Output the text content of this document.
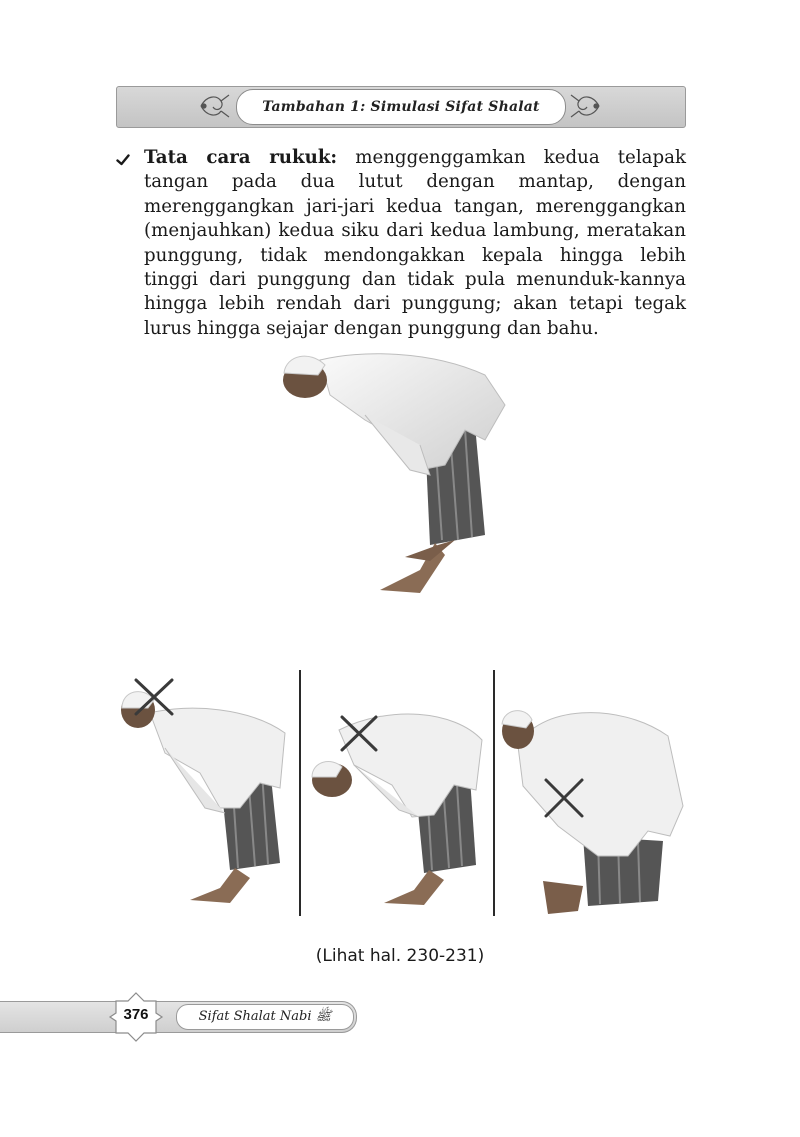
Tambahan 1: Simulasi Sifat Shalat

Tata cara rukuk: menggenggamkan kedua telapak tangan pada dua lutut dengan mantap, dengan merenggangkan jari-jari kedua tangan, merenggangkan (menjauhkan) kedua siku dari kedua lambung, meratakan punggung, tidak mendongakkan kepala hingga lebih tinggi dari punggung dan tidak pula menunduk-kannya hingga lebih rendah dari punggung; akan tetapi tegak lurus hingga sejajar dengan punggung dan bahu.

(Lihat hal. 230-231)
Sifat Shalat Nabi ﷺ
376
